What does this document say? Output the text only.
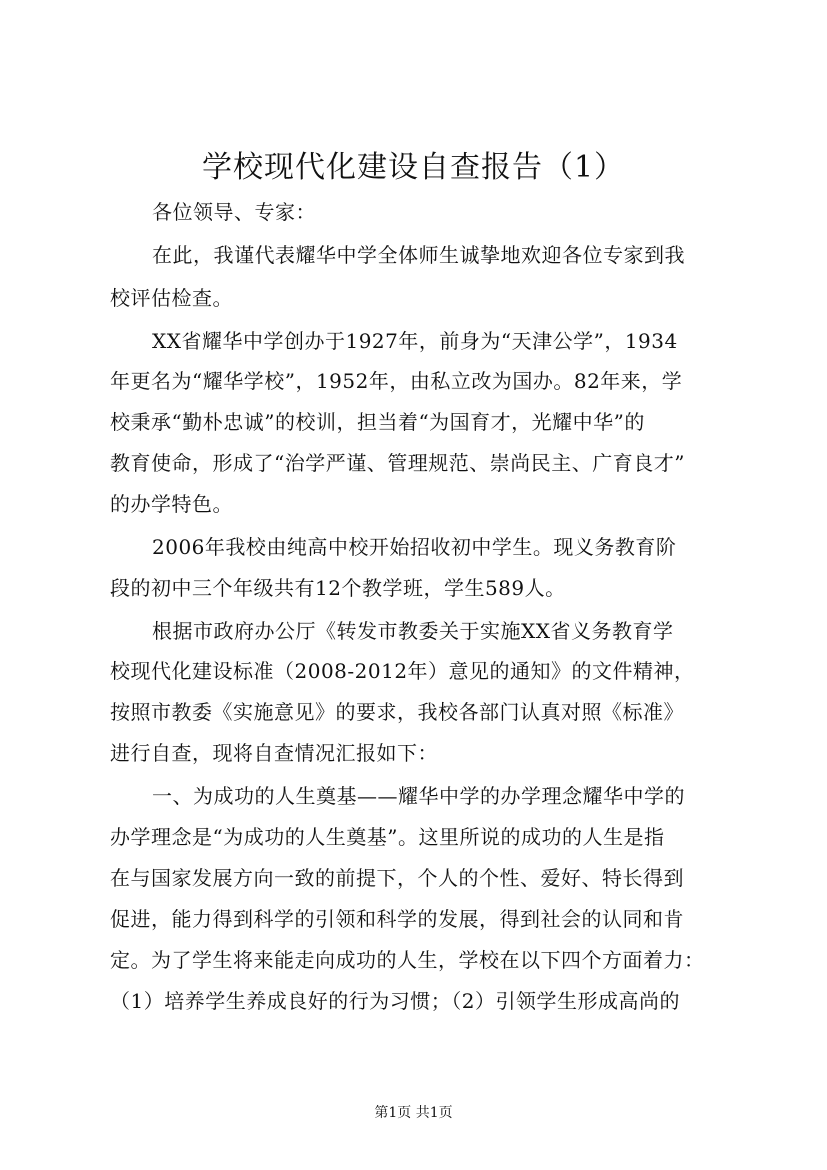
学校现代化建设自查报告（1）
各位领导、专家：
在此，我谨代表耀华中学全体师生诚挚地欢迎各位专家到我
校评估检查。
XX省耀华中学创办于1927年，前身为“天津公学”，1934
年更名为“耀华学校”，1952年，由私立改为国办。82年来，学
校秉承“勤朴忠诚”的校训，担当着“为国育才，光耀中华”的
教育使命，形成了“治学严谨、管理规范、崇尚民主、广育良才”
的办学特色。
2006年我校由纯高中校开始招收初中学生。现义务教育阶
段的初中三个年级共有12个教学班，学生589人。
根据市政府办公厅《转发市教委关于实施XX省义务教育学
校现代化建设标准（2008-2012年）意见的通知》的文件精神，
按照市教委《实施意见》的要求，我校各部门认真对照《标准》
进行自查，现将自查情况汇报如下：
一、为成功的人生奠基——耀华中学的办学理念耀华中学的
办学理念是“为成功的人生奠基”。这里所说的成功的人生是指
在与国家发展方向一致的前提下，个人的个性、爱好、特长得到
促进，能力得到科学的引领和科学的发展，得到社会的认同和肯
定。为了学生将来能走向成功的人生，学校在以下四个方面着力：
（1）培养学生养成良好的行为习惯；（2）引领学生形成高尚的
第1页 共1页
